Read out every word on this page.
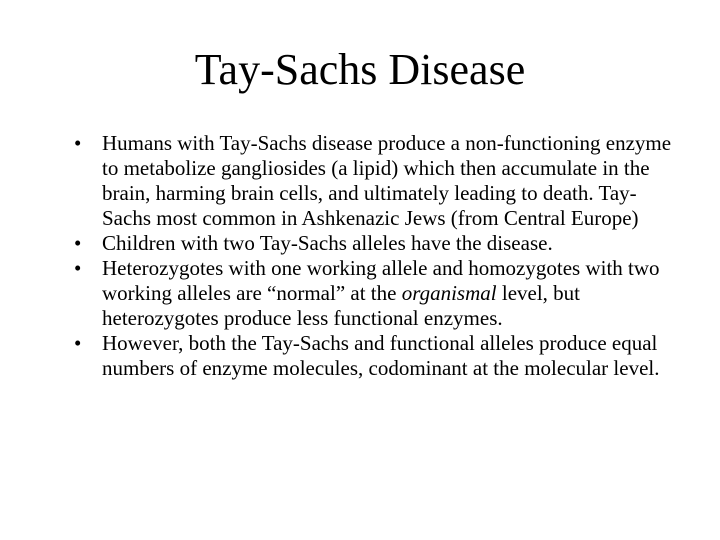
Tay-Sachs Disease
• Humans with Tay-Sachs disease produce a non-functioning enzyme to metabolize gangliosides (a lipid) which then accumulate in the brain, harming brain cells, and ultimately leading to death. Tay-Sachs most common in Ashkenazic Jews (from Central Europe)
• Children with two Tay-Sachs alleles have the disease.
• Heterozygotes with one working allele and homozygotes with two working alleles are “normal” at the organismal level, but heterozygotes produce less functional enzymes.
• However, both the Tay-Sachs and functional alleles produce equal numbers of enzyme molecules, codominant at the molecular level.
